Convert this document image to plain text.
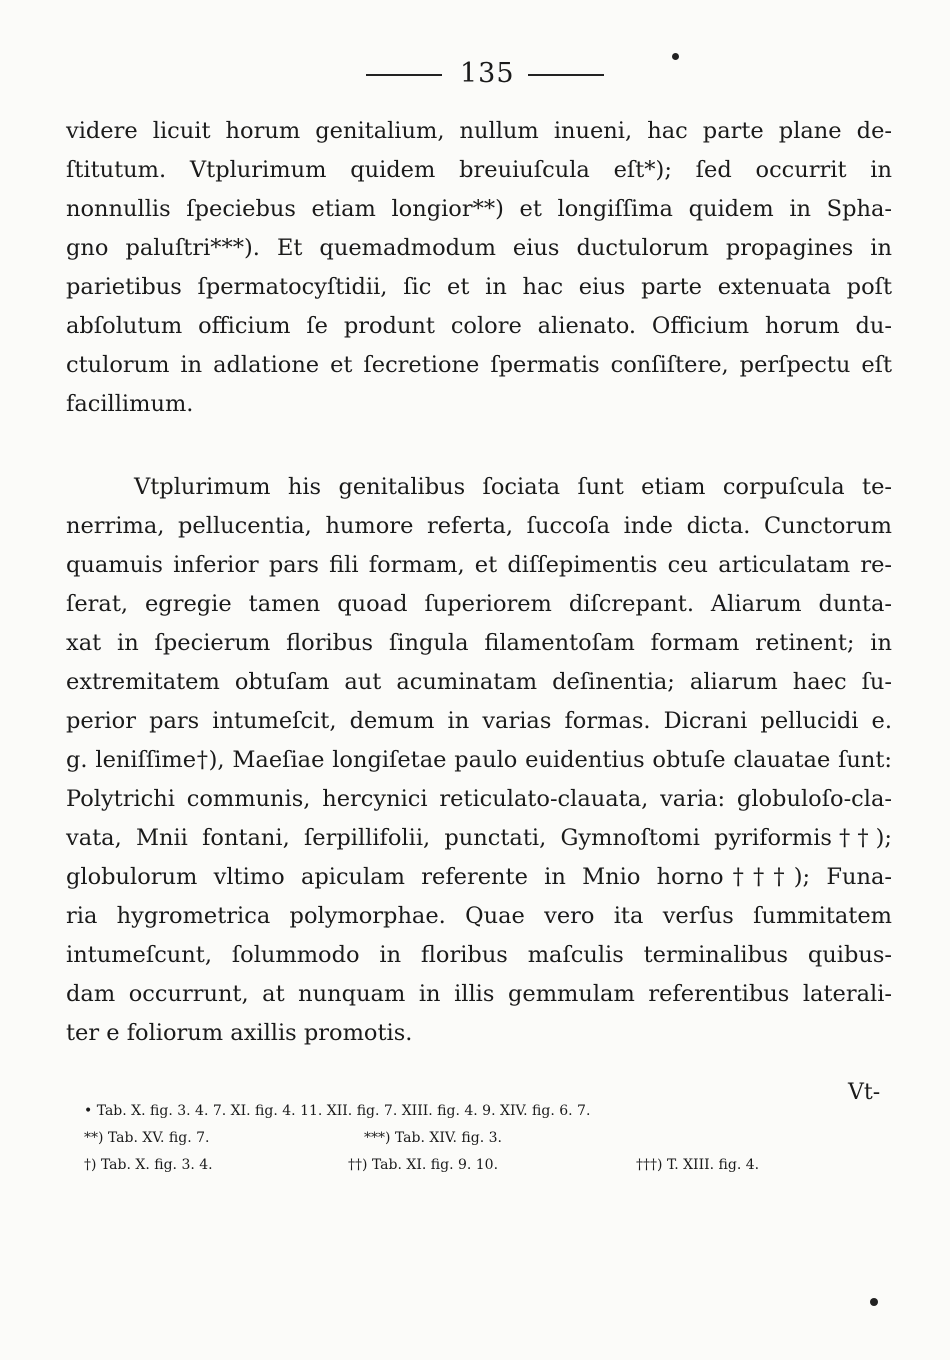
135
videre licuit horum genitalium, nullum inueni, hac parte plane de-
ſtitutum. Vtplurimum quidem breuiuſcula eſt*); ſed occurrit in
nonnullis ſpeciebus etiam longior**) et longiſſima quidem in Spha-
gno paluſtri***). Et quemadmodum eius ductulorum propagines in
parietibus ſpermatocyſtidii, ſic et in hac eius parte extenuata poſt
abſolutum officium ſe produnt colore alienato. Officium horum du-
ctulorum in adlatione et ſecretione ſpermatis conſiſtere, perſpectu eſt
facillimum.
Vtplurimum his genitalibus ſociata ſunt etiam corpuſcula te-
nerrima, pellucentia, humore referta, ſuccoſa inde dicta. Cunctorum
quamuis inferior pars fili formam, et diſſepimentis ceu articulatam re-
ſerat, egregie tamen quoad ſuperiorem diſcrepant. Aliarum dunta-
xat in ſpecierum floribus ſingula filamentoſam formam retinent; in
extremitatem obtuſam aut acuminatam deſinentia; aliarum haec ſu-
perior pars intumeſcit, demum in varias formas. Dicrani pellucidi e.
g. leniſſime†), Maeſiae longiſetae paulo euidentius obtuſe clauatae ſunt:
Polytrichi communis, hercynici reticulato-clauata, varia: globuloſo-cla-
vata, Mnii fontani, ſerpillifolii, punctati, Gymnoſtomi pyriformis††);
globulorum vltimo apiculam referente in Mnio horno†††); Funa-
ria hygrometrica polymorphae. Quae vero ita verſus ſummitatem
intumeſcunt, ſolummodo in floribus maſculis terminalibus quibus-
dam occurrunt, at nunquam in illis gemmulam referentibus laterali-
ter e foliorum axillis promotis.
Vt-
• Tab. X. fig. 3. 4. 7. XI. fig. 4. 11. XII. fig. 7. XIII. fig. 4. 9. XIV. fig. 6. 7.
**) Tab. XV. fig. 7.	***) Tab. XIV. fig. 3.
†) Tab. X. fig. 3. 4.	††) Tab. XI. fig. 9. 10.	†††) T. XIII. fig. 4.
